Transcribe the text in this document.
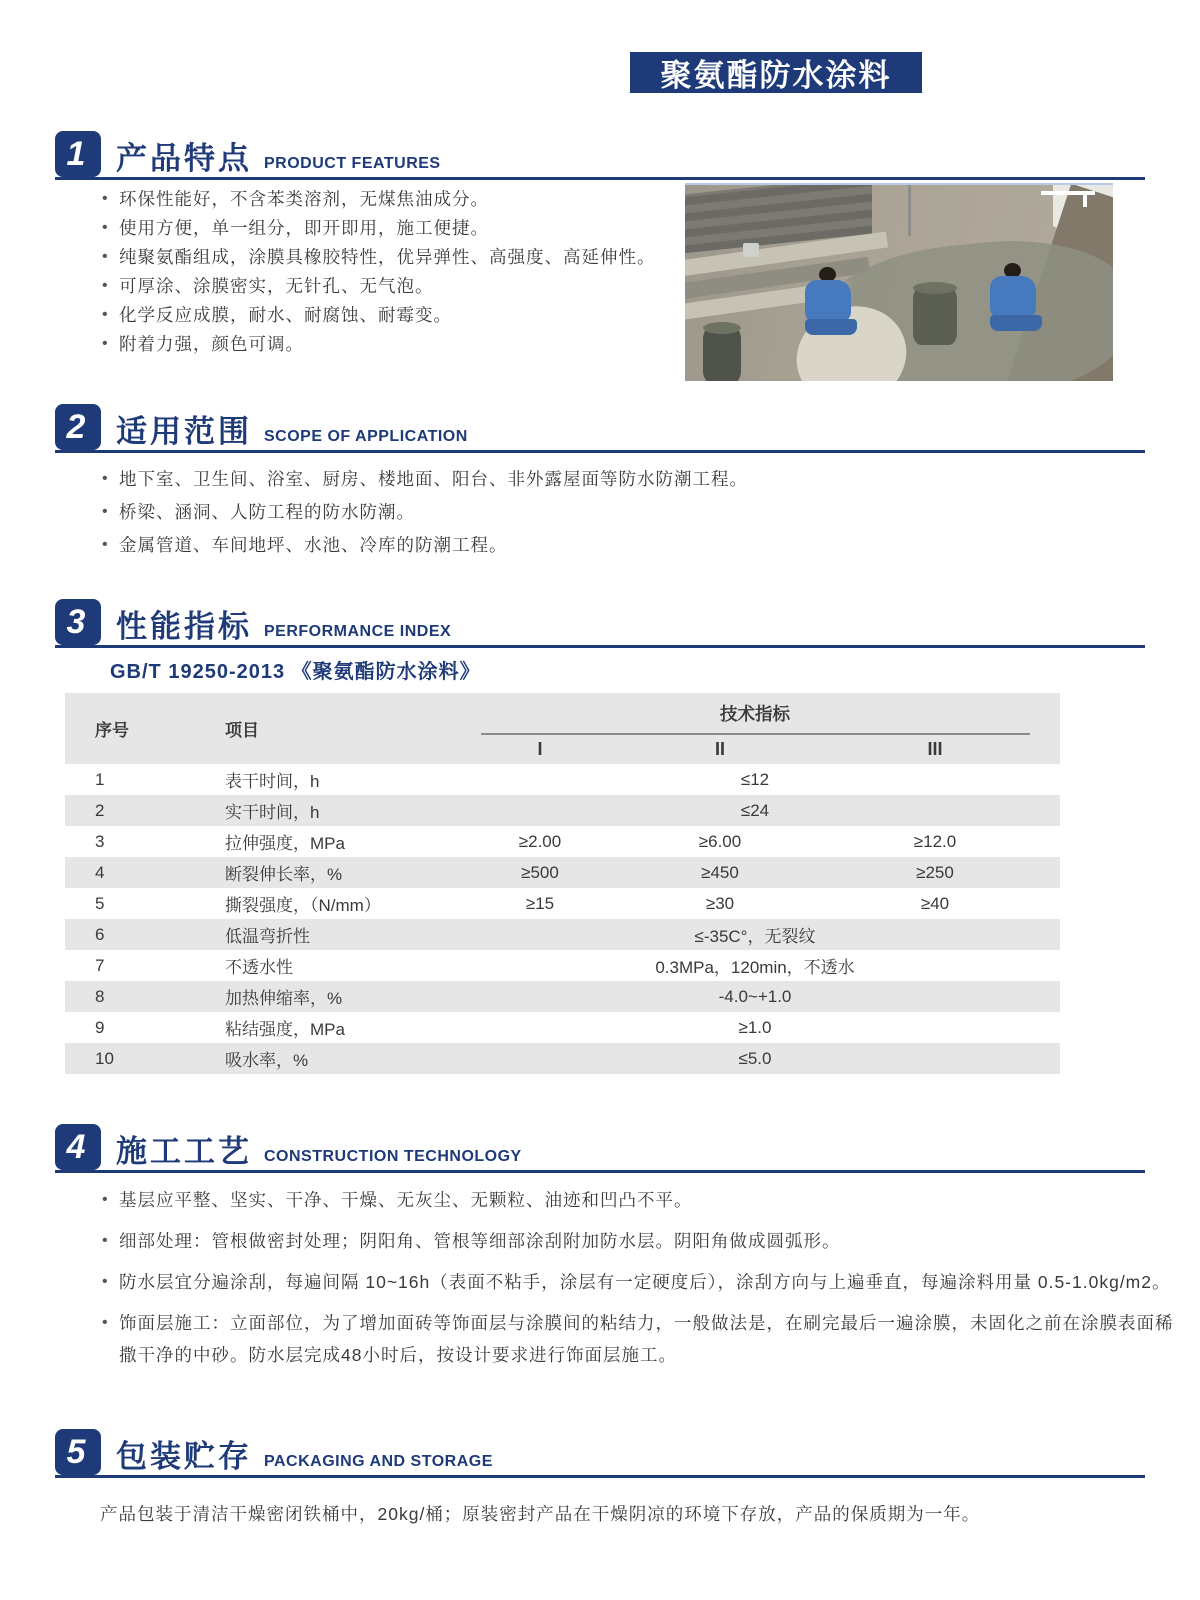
聚氨酯防水涂料
1 产品特点 PRODUCT FEATURES
• 环保性能好，不含苯类溶剂，无煤焦油成分。
• 使用方便，单一组分，即开即用，施工便捷。
• 纯聚氨酯组成，涂膜具橡胶特性，优异弹性、高强度、高延伸性。
• 可厚涂、涂膜密实，无针孔、无气泡。
• 化学反应成膜，耐水、耐腐蚀、耐霉变。
• 附着力强，颜色可调。
2 适用范围 SCOPE OF APPLICATION
• 地下室、卫生间、浴室、厨房、楼地面、阳台、非外露屋面等防水防潮工程。
• 桥梁、涵洞、人防工程的防水防潮。
• 金属管道、车间地坪、水池、冷库的防潮工程。
3 性能指标 PERFORMANCE INDEX
GB/T 19250-2013 《聚氨酯防水涂料》
序号	项目	技术指标		

		I	II	III
1	表干时间，h	≤12		
2	实干时间，h	≤24		
3	拉伸强度，MPa	≥2.00	≥6.00	≥12.0
4	断裂伸长率，%	≥500	≥450	≥250
5	撕裂强度，（N/mm）	≥15	≥30	≥40
6	低温弯折性	≤-35C°，无裂纹		
7	不透水性	0.3MPa，120min，不透水		
8	加热伸缩率，%	-4.0~+1.0		
9	粘结强度，MPa	≥1.0		
10	吸水率，%	≤5.0		
4 施工工艺 CONSTRUCTION TECHNOLOGY
• 基层应平整、坚实、干净、干燥、无灰尘、无颗粒、油迹和凹凸不平。
• 细部处理：管根做密封处理；阴阳角、管根等细部涂刮附加防水层。阴阳角做成圆弧形。
• 防水层宜分遍涂刮，每遍间隔 10~16h（表面不粘手，涂层有一定硬度后），涂刮方向与上遍垂直，每遍涂料用量 0.5-1.0kg/m2。
• 饰面层施工：立面部位，为了增加面砖等饰面层与涂膜间的粘结力，一般做法是，在刷完最后一遍涂膜，未固化之前在涂膜表面稀撒干净的中砂。防水层完成48小时后，按设计要求进行饰面层施工。
5 包装贮存 PACKAGING AND STORAGE
产品包装于清洁干燥密闭铁桶中，20kg/桶；原装密封产品在干燥阴凉的环境下存放，产品的保质期为一年。
